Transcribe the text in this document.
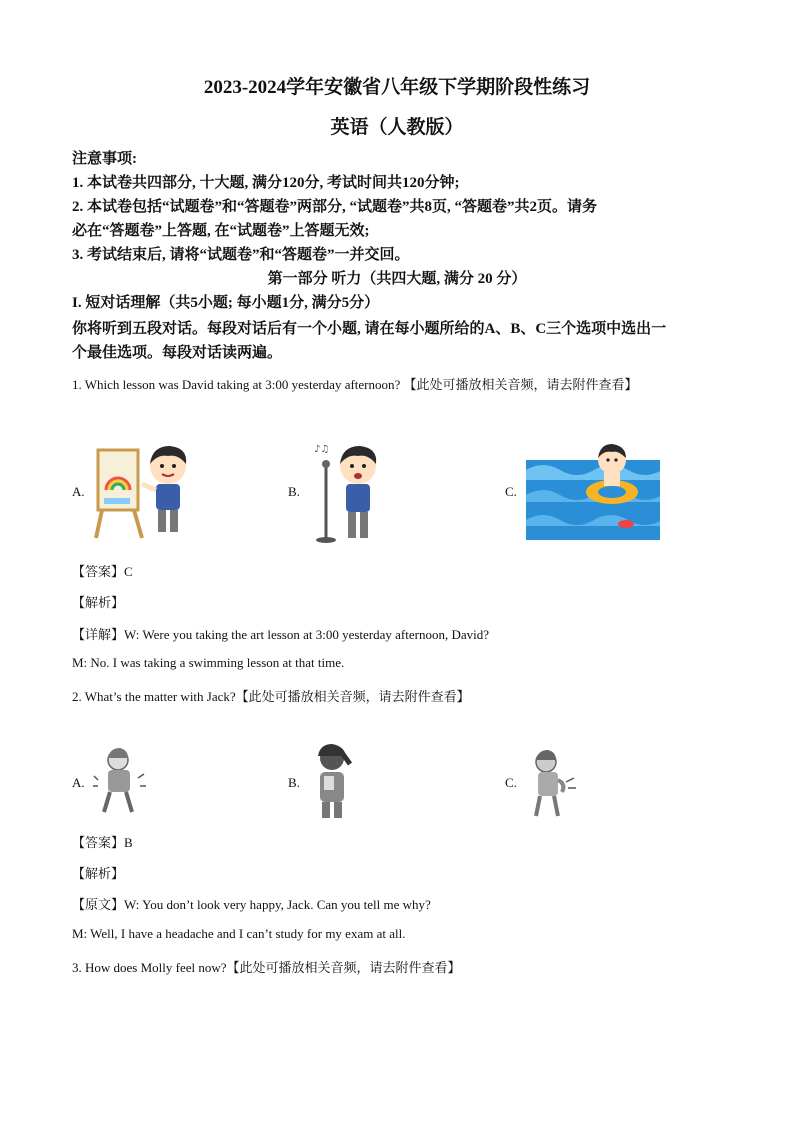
2023-2024学年安徽省八年级下学期阶段性练习
英语（人教版）
注意事项:
1. 本试卷共四部分, 十大题, 满分120分, 考试时间共120分钟;
2. 本试卷包括“试题卷”和“答题卷”两部分, “试题卷”共8页, “答题卷”共2页。请务
必在“答题卷”上答题, 在“试题卷”上答题无效;
3. 考试结束后, 请将“试题卷”和“答题卷”一并交回。
第一部分 听力（共四大题, 满分 20 分）
I. 短对话理解（共5小题; 每小题1分, 满分5分）
你将听到五段对话。每段对话后有一个小题, 请在每小题所给的A、B、C三个选项中选出一
个最佳选项。每段对话读两遍。
1. Which lesson was David taking at 3:00 yesterday afternoon? 【此处可播放相关音频，请去附件查看】
A.	B.
♪♫
C.
【答案】C
【解析】
【详解】W: Were you taking the art lesson at 3:00 yesterday afternoon, David?
M: No. I was taking a swimming lesson at that time.
2. What’s the matter with Jack?【此处可播放相关音频，请去附件查看】
A.	B.	C.
【答案】B
【解析】
【原文】W: You don’t look very happy, Jack. Can you tell me why?
M: Well, I have a headache and I can’t study for my exam at all.
3. How does Molly feel now?【此处可播放相关音频，请去附件查看】
